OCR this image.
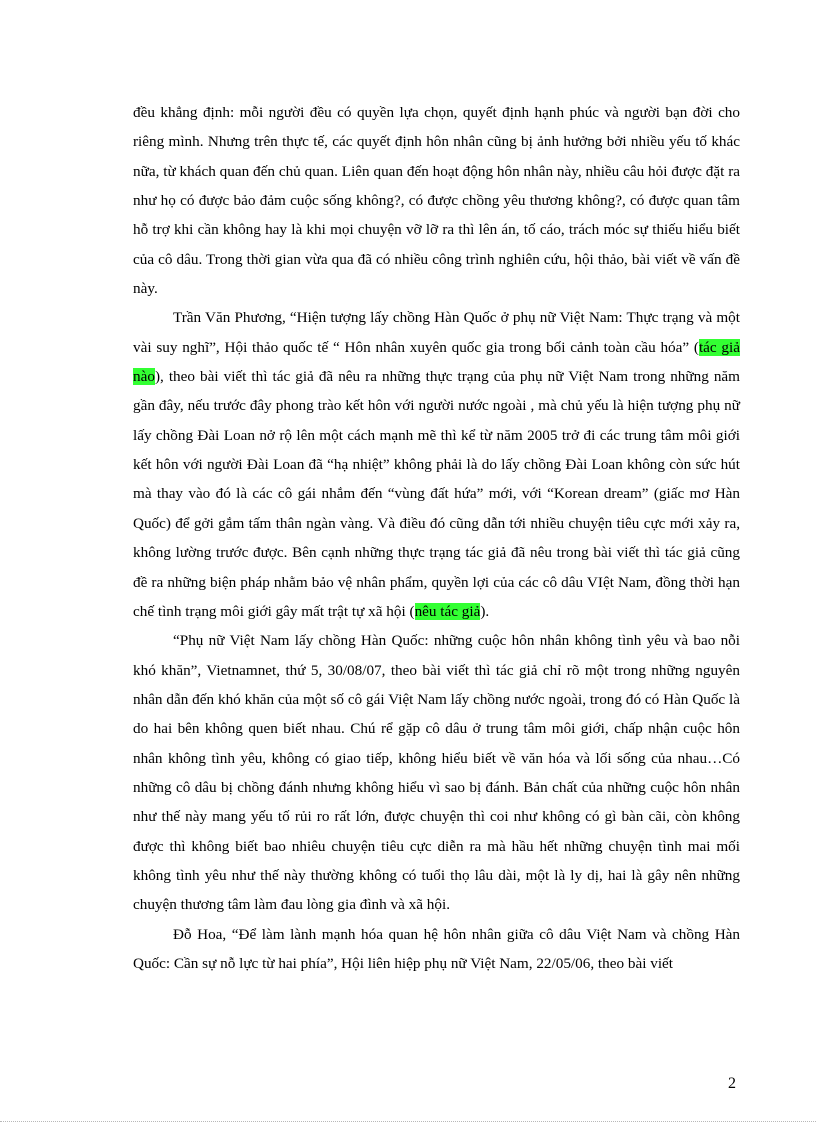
đều khẳng định: mỗi người đều có quyền lựa chọn, quyết định hạnh phúc và người bạn đời cho riêng mình. Nhưng trên thực tế, các quyết định hôn nhân cũng bị ảnh hưởng bởi nhiều yếu tố khác nữa, từ khách quan đến chủ quan. Liên quan đến hoạt động hôn nhân này, nhiều câu hỏi được đặt ra như họ có được bảo đảm cuộc sống không?, có được chồng yêu thương không?, có được quan tâm hỗ trợ khi cần không hay là khi mọi chuyện vỡ lỡ ra thì lên án, tố cáo, trách móc sự thiếu hiểu biết của cô dâu. Trong thời gian vừa qua đã có nhiều công trình nghiên cứu, hội thảo, bài viết về vấn đề này.

Trần Văn Phương, “Hiện tượng lấy chồng Hàn Quốc ở phụ nữ Việt Nam: Thực trạng và một vài suy nghĩ”, Hội thảo quốc tế “ Hôn nhân xuyên quốc gia trong bối cảnh toàn cầu hóa” (tác giả nào), theo bài viết thì tác giả đã nêu ra những thực trạng của phụ nữ Việt Nam trong những năm gần đây, nếu trước đây phong trào kết hôn với người nước ngoài , mà chủ yếu là hiện tượng phụ nữ lấy chồng Đài Loan nở rộ lên một cách mạnh mẽ thì kể từ năm 2005 trở đi các trung tâm môi giới kết hôn với người Đài Loan đã “hạ nhiệt” không phải là do lấy chồng Đài Loan không còn sức hút mà thay vào đó là các cô gái nhắm đến “vùng đất hứa” mới, với “Korean dream” (giấc mơ Hàn Quốc) để gởi gắm tấm thân ngàn vàng. Và điều đó cũng dẫn tới nhiều chuyện tiêu cực mới xảy ra, không lường trước được. Bên cạnh những thực trạng tác giả đã nêu trong bài viết thì tác giả cũng đề ra những biện pháp nhằm bảo vệ nhân phẩm, quyền lợi của các cô dâu VIệt Nam, đồng thời hạn chế tình trạng môi giới gây mất trật tự xã hội (nêu tác giả).

“Phụ nữ Việt Nam lấy chồng Hàn Quốc: những cuộc hôn nhân không tình yêu và bao nỗi khó khăn”, Vietnamnet, thứ 5, 30/08/07, theo bài viết thì tác giả chỉ rõ một trong những nguyên nhân dẫn đến khó khăn của một số cô gái Việt Nam lấy chồng nước ngoài, trong đó có Hàn Quốc là do hai bên không quen biết nhau. Chú rể gặp cô dâu ở trung tâm môi giới, chấp nhận cuộc hôn nhân không tình yêu, không có giao tiếp, không hiểu biết về văn hóa và lối sống của nhau…Có những cô dâu bị chồng đánh nhưng không hiểu vì sao bị đánh. Bản chất của những cuộc hôn nhân như thế này mang yếu tố rủi ro rất lớn, được chuyện thì coi như không có gì bàn cãi, còn không được thì không biết bao nhiêu chuyện tiêu cực diễn ra mà hầu hết những chuyện tình mai mối không tình yêu như thế này thường không có tuổi thọ lâu dài, một là ly dị, hai là gây nên những chuyện thương tâm làm đau lòng gia đình và xã hội.

Đỗ Hoa, “Để làm lành mạnh hóa quan hệ hôn nhân giữa cô dâu Việt Nam và chồng Hàn Quốc: Cần sự nỗ lực từ hai phía”, Hội liên hiệp phụ nữ Việt Nam, 22/05/06, theo bài viết

2
